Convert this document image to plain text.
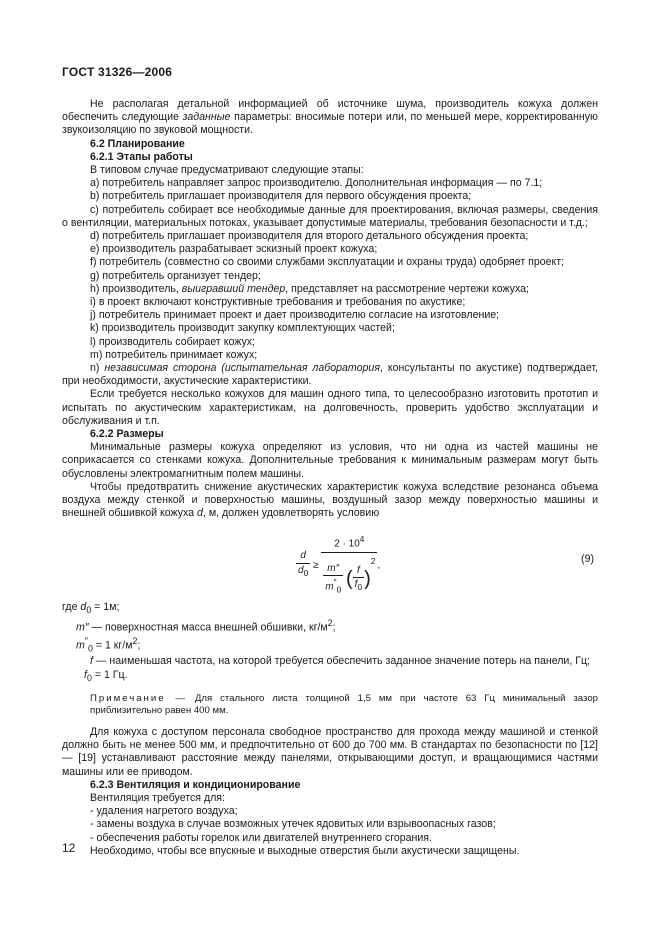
ГОСТ 31326—2006

Не располагая детальной информацией об источнике шума, производитель кожуха должен обеспечить следующие заданные параметры: вносимые потери или, по меньшей мере, корректированную звукоизоляцию по звуковой мощности.

6.2 Планирование

6.2.1 Этапы работы

В типовом случае предусматривают следующие этапы:

а) потребитель направляет запрос производителю. Дополнительная информация — по 7.1;

b) потребитель приглашает производителя для первого обсуждения проекта;

c) потребитель собирает все необходимые данные для проектирования, включая размеры, сведения о вентиляции, материальных потоках, указывает допустимые материалы, требования безопасности и т.д.;

d) потребитель приглашает производителя для второго детального обсуждения проекта;

e) производитель разрабатывает эскизный проект кожуха;

f) потребитель (совместно со своими службами эксплуатации и охраны труда) одобряет проект;

g) потребитель организует тендер;

h) производитель, выигравший тендер, представляет на рассмотрение чертежи кожуха;

i) в проект включают конструктивные требования и требования по акустике;

j) потребитель принимает проект и дает производителю согласие на изготовление;

k) производитель производит закупку комплектующих частей;

l) производитель собирает кожух;

m) потребитель принимает кожух;

n) независимая сторона (испытательная лаборатория, консультанты по акустике) подтверждает, при необходимости, акустические характеристики.

Если требуется несколько кожухов для машин одного типа, то целесообразно изготовить прототип и испытать по акустическим характеристикам, на долговечность, проверить удобство эксплуатации и обслуживания и т.п.

6.2.2 Размеры

Минимальные размеры кожуха определяют из условия, что ни одна из частей машины не соприкасается со стенками кожуха. Дополнительные требования к минимальным размерам могут быть обусловлены электромагнитным полем машины.

Чтобы предотвратить снижение акустических характеристик кожуха вследствие резонанса объема воздуха между стенкой и поверхностью машины, воздушный зазор между поверхностью машины и внешней обшивкой кожуха d, м, должен удовлетворять условию

$\frac{d}{d_0}$ ≥
$2 \cdot 10^4$
$\frac{m''}{m''_0}$ ( $\frac{f}{f_0} )^2$ ,
(9)

где $d_0 = 1м$;

m″ — поверхностная масса внешней обшивки, $кг/м^2$;

$m''_0 = 1$ $кг/м^2$;

f — наименьшая частота, на которой требуется обеспечить заданное значение потерь на панели, Гц;

$f_0 = 1$ Гц.

Примечание — Для стального листа толщиной 1,5 мм при частоте 63 Гц минимальный зазор приблизительно равен 400 мм.

Для кожуха с доступом персонала свободное пространство для прохода между машиной и стенкой должно быть не менее 500 мм, и предпочтительно от 600 до 700 мм. В стандартах по безопасности по [12] — [19] устанавливают расстояние между панелями, открывающими доступ, и вращающимися частями машины или ее приводом.

6.2.3 Вентиляция и кондиционирование

Вентиляция требуется для:

- удаления нагретого воздуха;

- замены воздуха в случае возможных утечек ядовитых или взрывоопасных газов;

- обеспечения работы горелок или двигателей внутреннего сгорания.

Необходимо, чтобы все впускные и выходные отверстия были акустически защищены.

12
